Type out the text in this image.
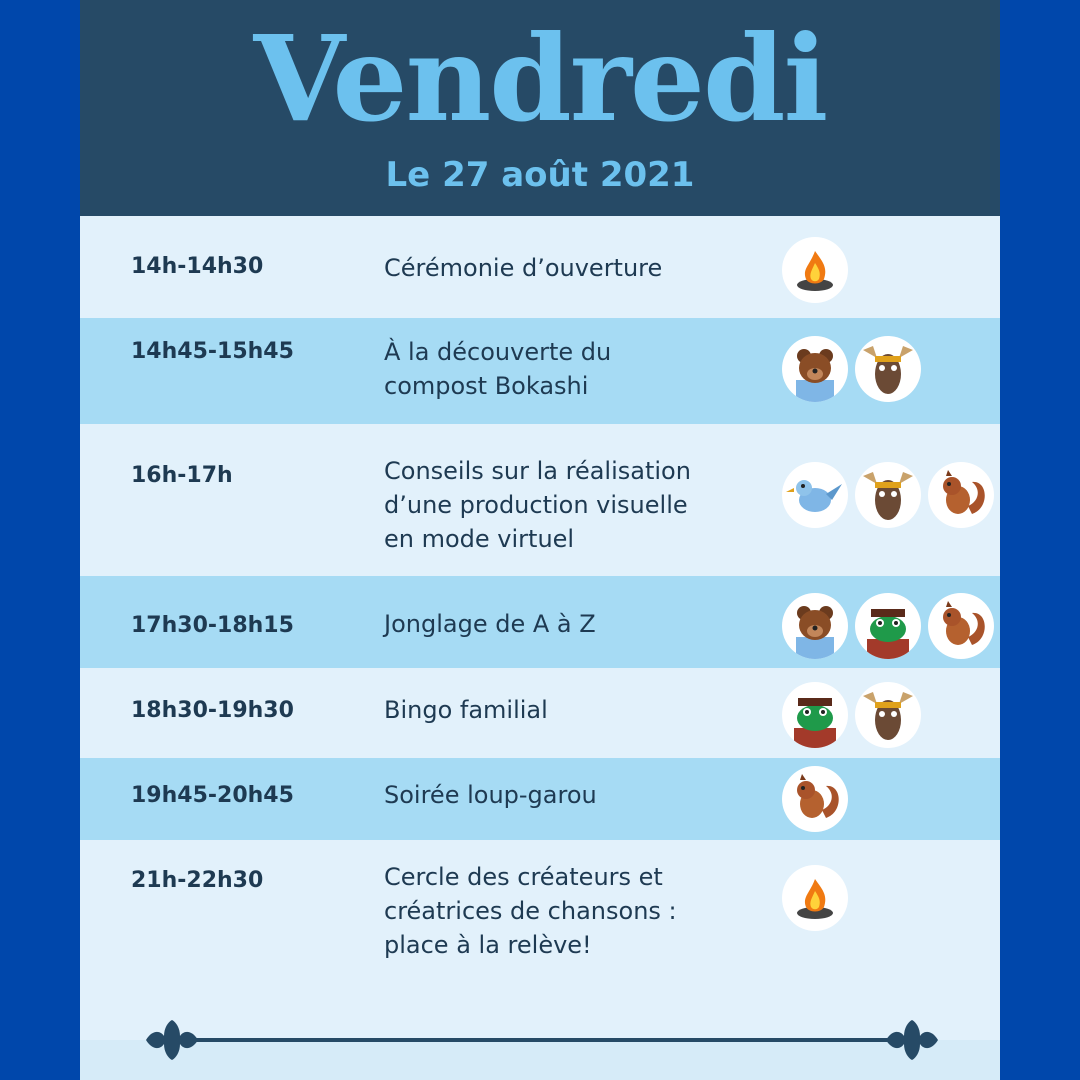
Vendredi
Le 27 août 2021
14h-14h30	Cérémonie d’ouverture
14h45-15h45	À la découverte du
compost Bokashi
16h-17h	Conseils sur la réalisation
d’une production visuelle
en mode virtuel
17h30-18h15	Jonglage de A à Z
18h30-19h30	Bingo familial
19h45-20h45	Soirée loup-garou
21h-22h30	Cercle des créateurs et
créatrices de chansons :
place à la relève!
